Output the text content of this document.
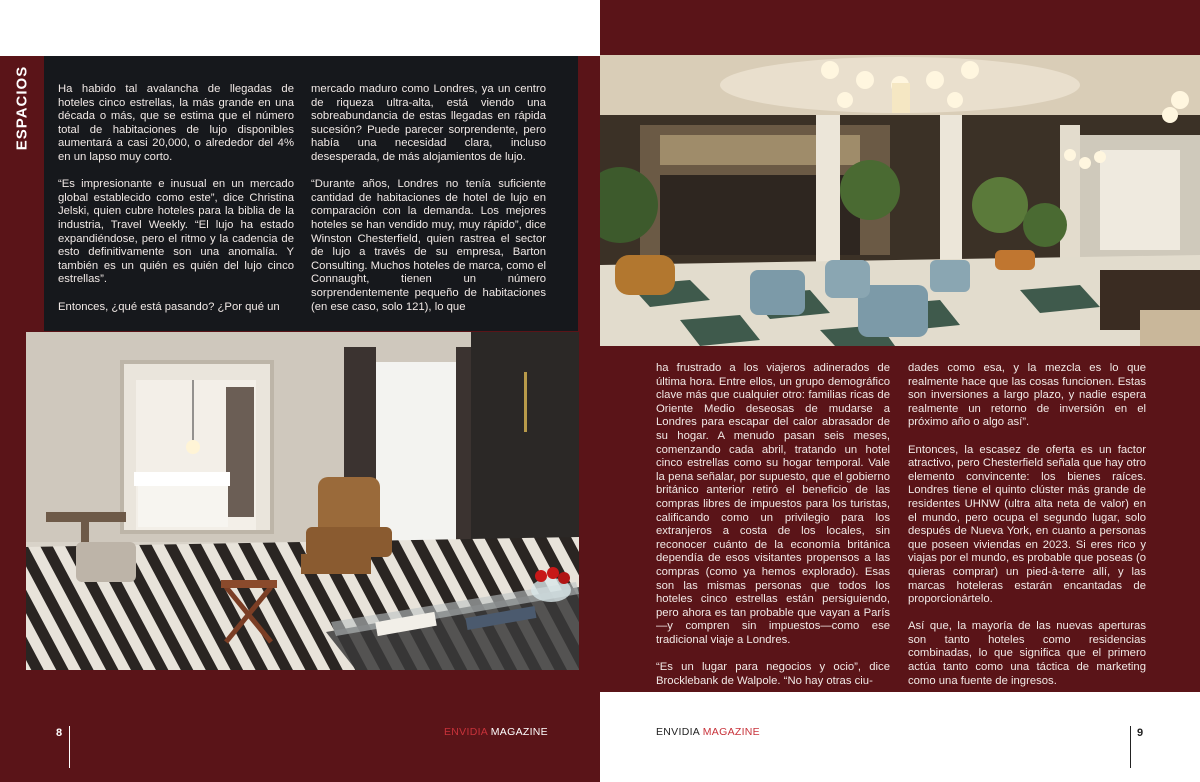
ESPACIOS Ha habido tal avalancha de llegadas de hoteles cinco estrellas, la más grande en una década o más, que se estima que el número total de habitaciones de lujo disponibles aumentará a casi 20,000, o alrededor del 4% en un lapso muy corto.

“Es impresionante e inusual en un mercado global establecido como este”, dice Christina Jelski, quien cubre hoteles para la biblia de la industria, Travel Weekly. “El lujo ha estado expandiéndose, pero el ritmo y la cadencia de esto definitivamente son una anomalía. Y también es un quién es quién del lujo cinco estrellas”.

Entonces, ¿qué está pasando? ¿Por qué un

mercado maduro como Londres, ya un centro de riqueza ultra-alta, está viendo una sobreabundancia de estas llegadas en rápida sucesión? Puede parecer sorprendente, pero había una necesidad clara, incluso desesperada, de más alojamientos de lujo.

“Durante años, Londres no tenía suficiente cantidad de habitaciones de hotel de lujo en comparación con la demanda. Los mejores hoteles se han vendido muy, muy rápido”, dice Winston Chesterfield, quien rastrea el sector de lujo a través de su empresa, Barton Consulting. Muchos hoteles de marca, como el Connaught, tienen un número sorprendentemente pequeño de habitaciones (en ese caso, solo 121), lo que

8	ENVIDIA MAGAZINE

ha frustrado a los viajeros adinerados de última hora. Entre ellos, un grupo demográfico clave más que cualquier otro: familias ricas de Oriente Medio deseosas de mudarse a Londres para escapar del calor abrasador de su hogar. A menudo pasan seis meses, comenzando cada abril, tratando un hotel cinco estrellas como su hogar temporal. Vale la pena señalar, por supuesto, que el gobierno británico anterior retiró el beneficio de las compras libres de impuestos para los turistas, calificando como un privilegio para los extranjeros a costa de los locales, sin reconocer cuánto de la economía británica dependía de esos visitantes propensos a las compras (como ya hemos explorado). Esas son las mismas personas que todos los hoteles cinco estrellas están persiguiendo, pero ahora es tan probable que vayan a París—y compren sin impuestos—como ese tradicional viaje a Londres.

“Es un lugar para negocios y ocio”, dice Brocklebank de Walpole. “No hay otras ciu-

dades como esa, y la mezcla es lo que realmente hace que las cosas funcionen. Estas son inversiones a largo plazo, y nadie espera realmente un retorno de inversión en el próximo año o algo así”.

Entonces, la escasez de oferta es un factor atractivo, pero Chesterfield señala que hay otro elemento convincente: los bienes raíces. Londres tiene el quinto clúster más grande de residentes UHNW (ultra alta neta de valor) en el mundo, pero ocupa el segundo lugar, solo después de Nueva York, en cuanto a personas que poseen viviendas en 2023. Si eres rico y viajas por el mundo, es probable que poseas (o quieras comprar) un pied-à-terre allí, y las marcas hoteleras estarán encantadas de proporcionártelo.

Así que, la mayoría de las nuevas aperturas son tanto hoteles como residencias combinadas, lo que significa que el primero actúa tanto como una táctica de marketing como una fuente de ingresos.

ENVIDIA MAGAZINE	9
